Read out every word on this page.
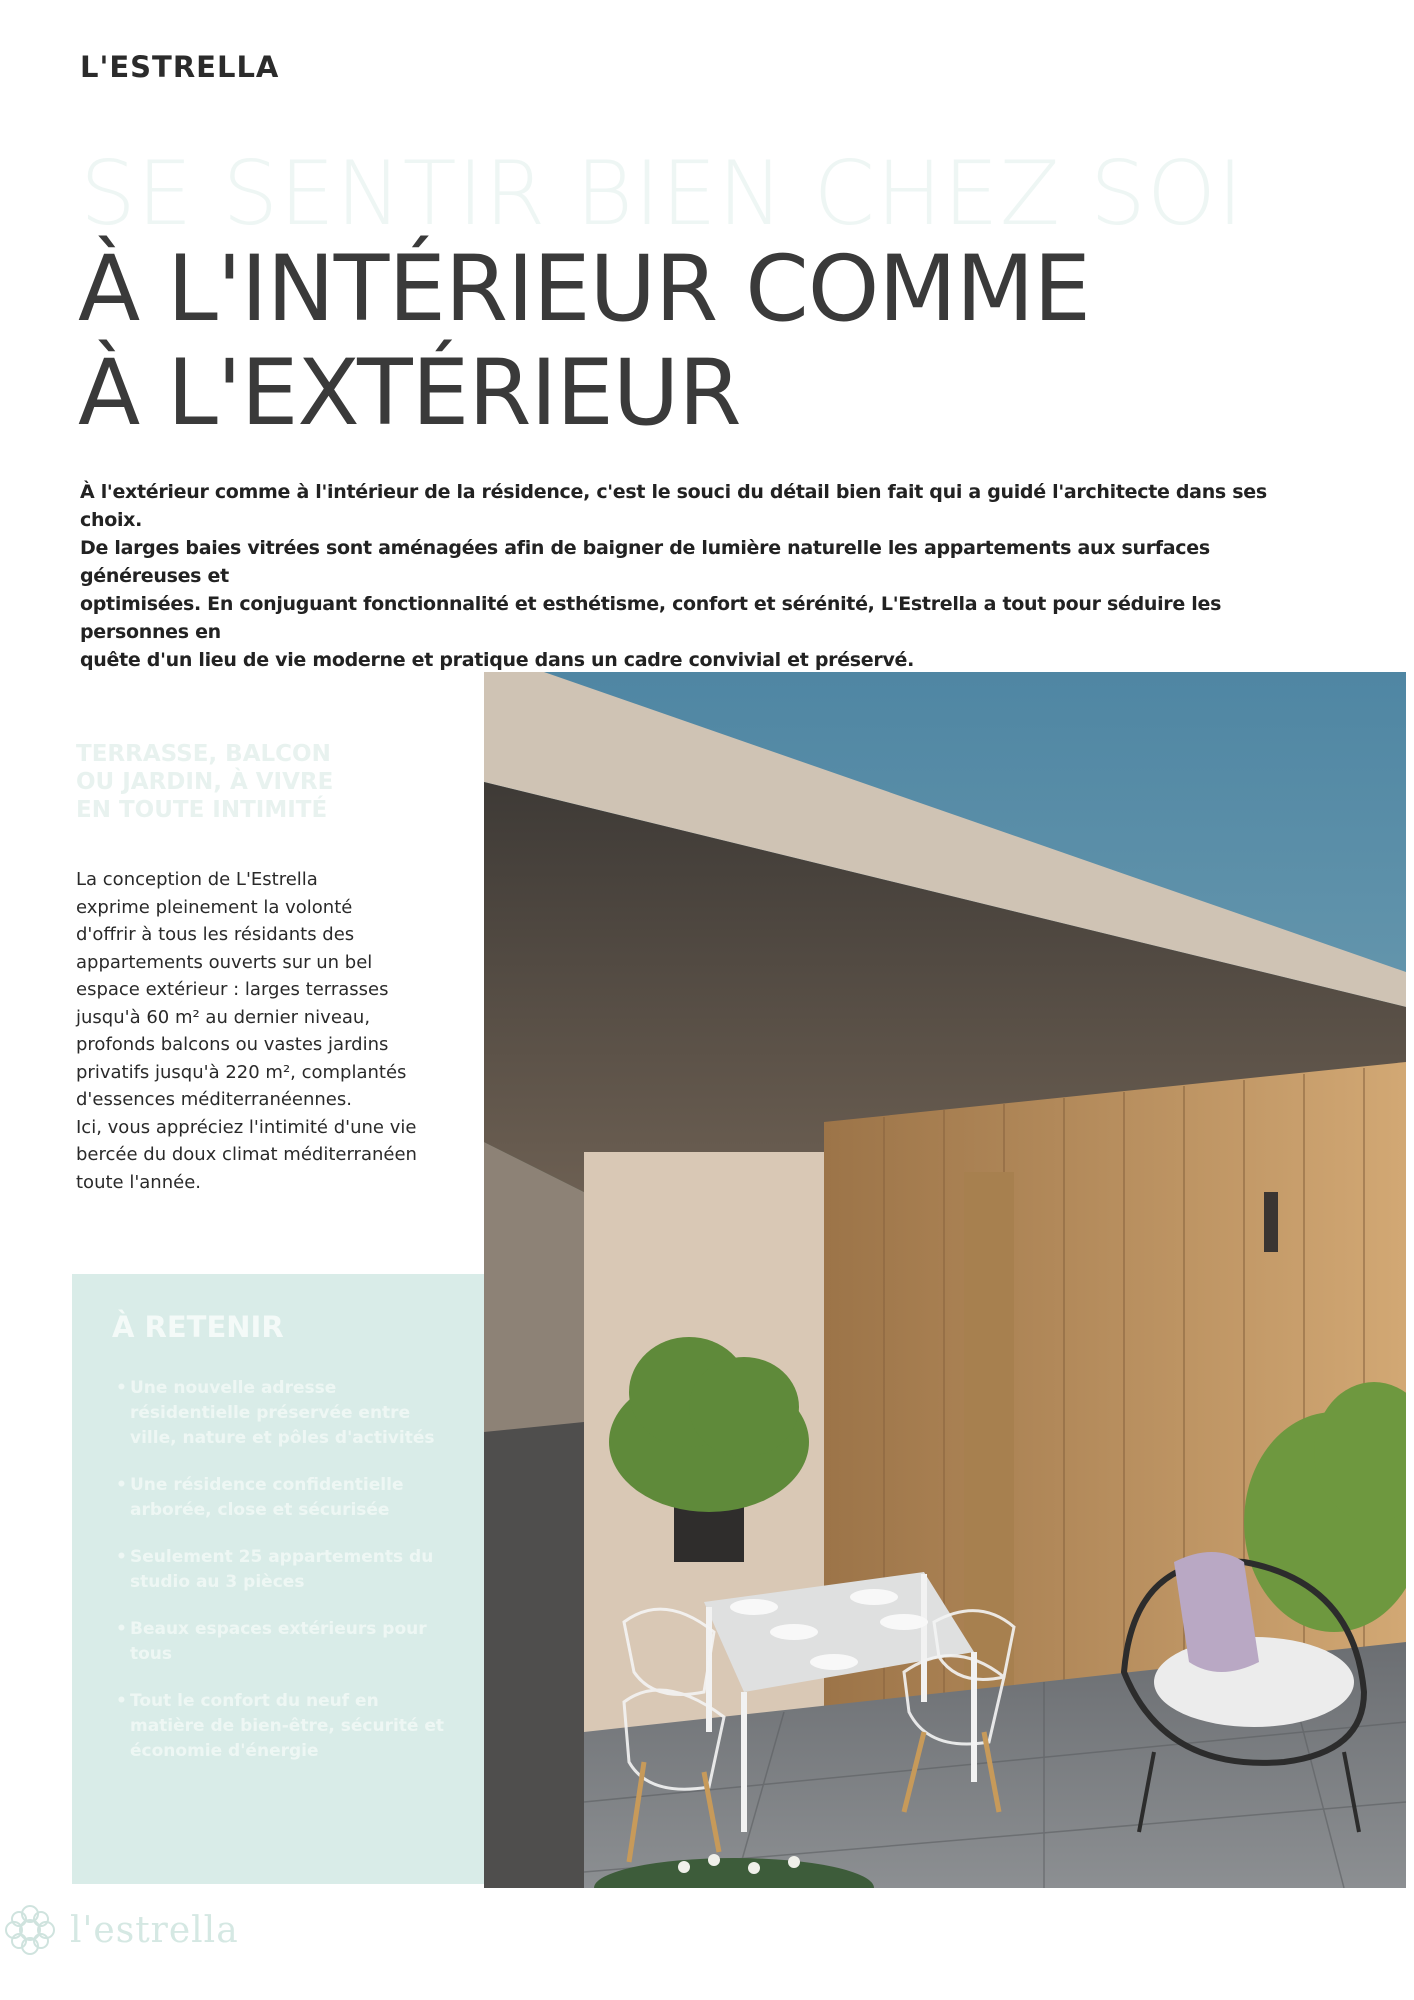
L'ESTRELLA
SE SENTIR BIEN CHEZ SOI
À L'INTÉRIEUR COMME
À L'EXTÉRIEUR
À l'extérieur comme à l'intérieur de la résidence, c'est le souci du détail bien fait qui a guidé l'architecte dans ses choix.
De larges baies vitrées sont aménagées afin de baigner de lumière naturelle les appartements aux surfaces généreuses et
optimisées. En conjuguant fonctionnalité et esthétisme, confort et sérénité, L'Estrella a tout pour séduire les personnes en
quête d'un lieu de vie moderne et pratique dans un cadre convivial et préservé.
TERRASSE, BALCON
OU JARDIN, À VIVRE
EN TOUTE INTIMITÉ
La conception de L'Estrella
exprime pleinement la volonté
d'offrir à tous les résidants des
appartements ouverts sur un bel
espace extérieur : larges terrasses
jusqu'à 60 m² au dernier niveau,
profonds balcons ou vastes jardins
privatifs jusqu'à 220 m², complantés
d'essences méditerranéennes.
Ici, vous appréciez l'intimité d'une vie
bercée du doux climat méditerranéen
toute l'année.
À RETENIR
• Une nouvelle adresse résidentielle préservée entre ville, nature et pôles d'activités
• Une résidence confidentielle arborée, close et sécurisée
• Seulement 25 appartements du studio au 3 pièces
• Beaux espaces extérieurs pour tous
• Tout le confort du neuf en matière de bien-être, sécurité et économie d'énergie
l'estrella
